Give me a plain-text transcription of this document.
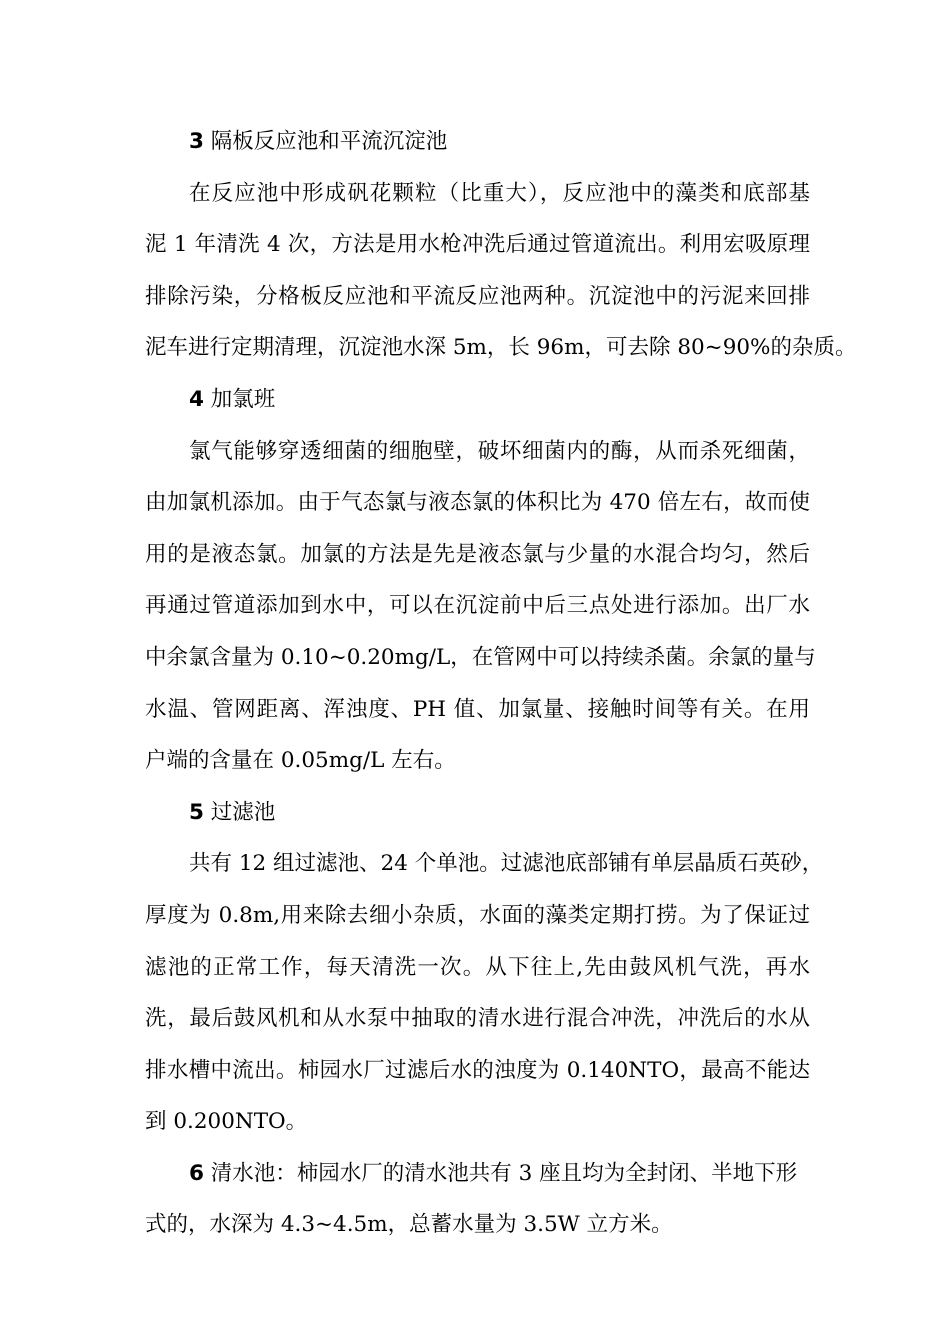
3 隔板反应池和平流沉淀池
在反应池中形成矾花颗粒（比重大），反应池中的藻类和底部基
泥 1 年清洗 4 次，方法是用水枪冲洗后通过管道流出。利用宏吸原理
排除污染，分格板反应池和平流反应池两种。沉淀池中的污泥来回排
泥车进行定期清理，沉淀池水深 5m，长 96m，可去除 80~90%的杂质。
4 加氯班
氯气能够穿透细菌的细胞壁，破坏细菌内的酶，从而杀死细菌，
由加氯机添加。由于气态氯与液态氯的体积比为 470 倍左右，故而使
用的是液态氯。加氯的方法是先是液态氯与少量的水混合均匀，然后
再通过管道添加到水中，可以在沉淀前中后三点处进行添加。出厂水
中余氯含量为 0.10~0.20mg/L，在管网中可以持续杀菌。余氯的量与
水温、管网距离、浑浊度、PH 值、加氯量、接触时间等有关。在用
户端的含量在 0.05mg/L 左右。
5 过滤池
共有 12 组过滤池、24 个单池。过滤池底部铺有单层晶质石英砂，
厚度为 0.8m,用来除去细小杂质，水面的藻类定期打捞。为了保证过
滤池的正常工作，每天清洗一次。从下往上,先由鼓风机气洗，再水
洗，最后鼓风机和从水泵中抽取的清水进行混合冲洗，冲洗后的水从
排水槽中流出。柿园水厂过滤后水的浊度为 0.140NTO，最高不能达
到 0.200NTO。
6 清水池：柿园水厂的清水池共有 3 座且均为全封闭、半地下形
式的，水深为 4.3~4.5m，总蓄水量为 3.5W 立方米。
